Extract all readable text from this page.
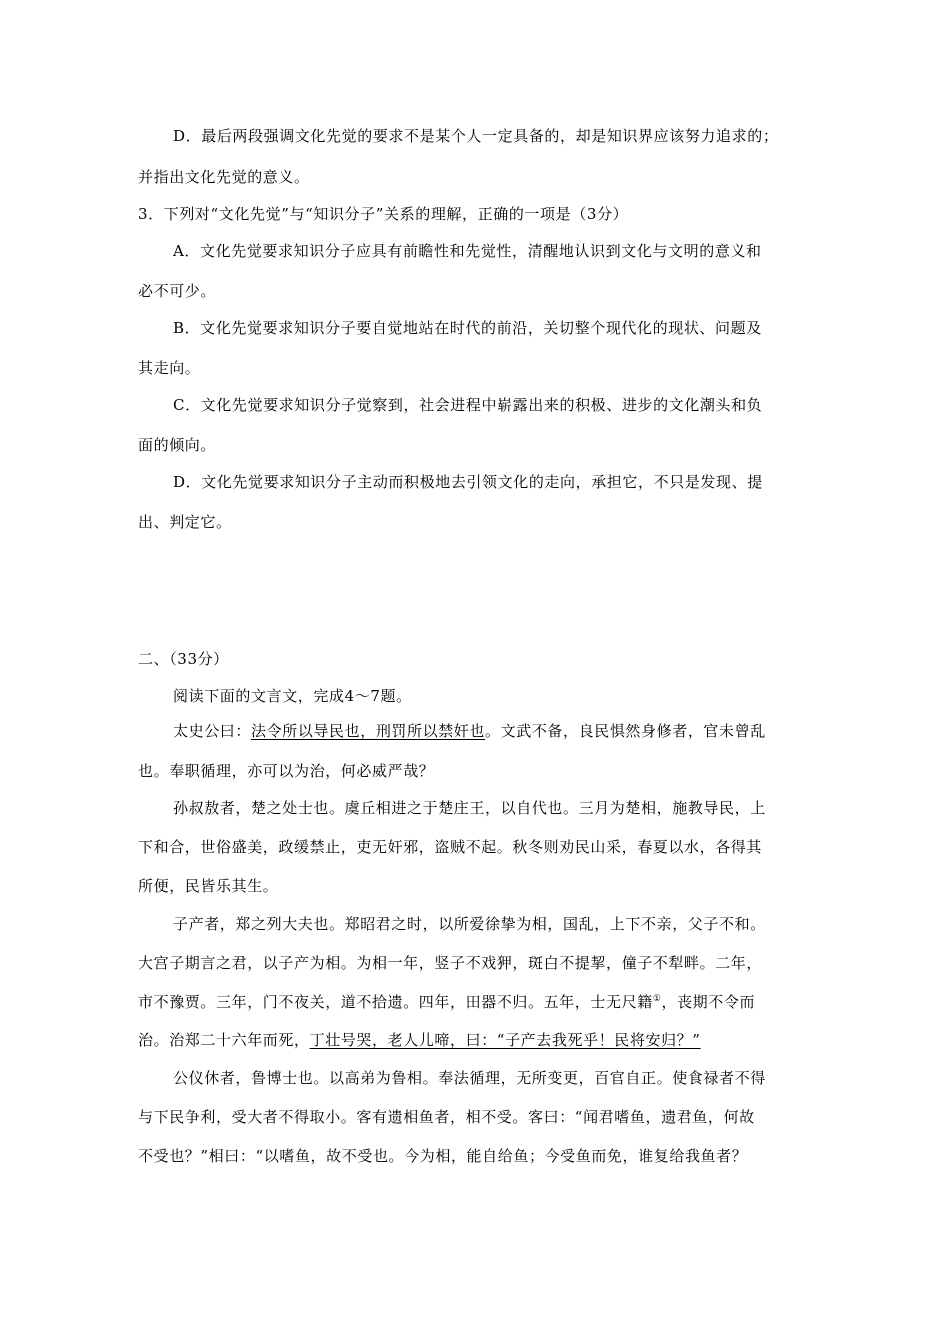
D．最后两段强调文化先觉的要求不是某个人一定具备的，却是知识界应该努力追求的；
并指出文化先觉的意义。
3．下列对“文化先觉”与“知识分子”关系的理解，正确的一项是（3分）
A．文化先觉要求知识分子应具有前瞻性和先觉性，清醒地认识到文化与文明的意义和
必不可少。
B．文化先觉要求知识分子要自觉地站在时代的前沿，关切整个现代化的现状、问题及
其走向。
C．文化先觉要求知识分子觉察到，社会进程中崭露出来的积极、进步的文化潮头和负
面的倾向。
D．文化先觉要求知识分子主动而积极地去引领文化的走向，承担它，不只是发现、提
出、判定它。
二、（33分）
阅读下面的文言文，完成4～7题。
太史公曰：法令所以导民也，刑罚所以禁奸也。文武不备，良民惧然身修者，官未曾乱
也。奉职循理，亦可以为治，何必威严哉？
孙叔敖者，楚之处士也。虞丘相进之于楚庄王，以自代也。三月为楚相，施教导民，上
下和合，世俗盛美，政缓禁止，吏无奸邪，盗贼不起。秋冬则劝民山采，春夏以水，各得其
所便，民皆乐其生。
子产者，郑之列大夫也。郑昭君之时，以所爱徐挚为相，国乱，上下不亲，父子不和。
大宫子期言之君，以子产为相。为相一年，竖子不戏狎，斑白不提挈，僮子不犁畔。二年，
市不豫贾。三年，门不夜关，道不拾遗。四年，田器不归。五年，士无尺籍①，丧期不令而
治。治郑二十六年而死，丁壮号哭，老人儿啼，曰：“子产去我死乎！民将安归？”
公仪休者，鲁博士也。以高弟为鲁相。奉法循理，无所变更，百官自正。使食禄者不得
与下民争利，受大者不得取小。客有遗相鱼者，相不受。客曰：“闻君嗜鱼，遗君鱼，何故
不受也？”相曰：“以嗜鱼，故不受也。今为相，能自给鱼；今受鱼而免，谁复给我鱼者？
